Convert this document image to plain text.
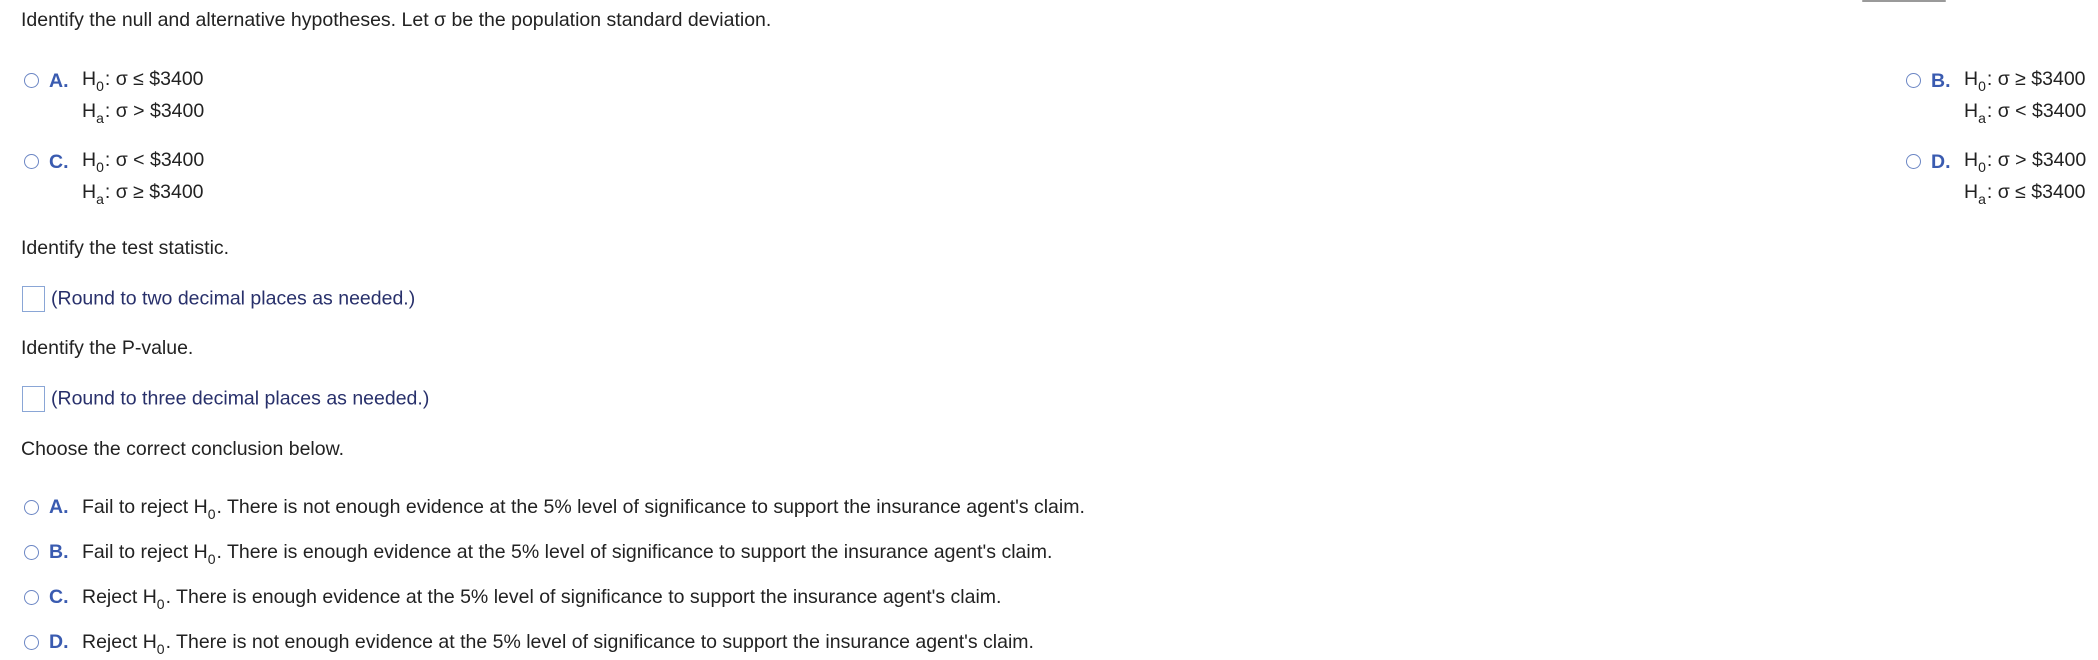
Identify the null and alternative hypotheses. Let σ be the population standard deviation.
A. $H_0$: σ ≤ $3400
$H_a$: σ > $3400
B. $H_0$: σ ≥ $3400
$H_a$: σ < $3400
C. $H_0$: σ < $3400
$H_a$: σ ≥ $3400
D. $H_0$: σ > $3400
$H_a$: σ ≤ $3400
Identify the test statistic.
(Round to two decimal places as needed.)
Identify the P-value.
(Round to three decimal places as needed.)
Choose the correct conclusion below.
A. Fail to reject $H_0$. There is not enough evidence at the 5% level of significance to support the insurance agent's claim.
B. Fail to reject $H_0$. There is enough evidence at the 5% level of significance to support the insurance agent's claim.
C. Reject $H_0$. There is enough evidence at the 5% level of significance to support the insurance agent's claim.
D. Reject $H_0$. There is not enough evidence at the 5% level of significance to support the insurance agent's claim.
